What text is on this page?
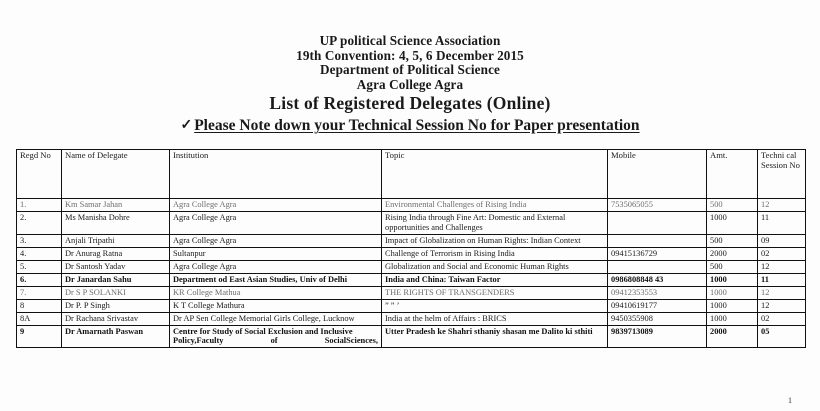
UP political Science Association
19th Convention: 4, 5, 6 December 2015
Department of Political Science
Agra College Agra
List of Registered Delegates (Online)
✓ Please Note down your Technical Session No for Paper presentation
Regd No	Name of Delegate	Institution	Topic	Mobile	Amt.	Techni cal Session No
1.	Km Samar Jahan	Agra College Agra	Environmental Challenges of Rising India	7535065055	500	12
2.	Ms Manisha Dohre	Agra College Agra	Rising India through Fine Art: Domestic and External opportunities and Challenges		1000	11
3.	Anjali Tripathi	Agra College Agra	Impact of Globalization on Human Rights: Indian Context		500	09
4.	Dr Anurag Ratna	Sultanpur	Challenge of Terrorism in Rising India	09415136729	2000	02
5.	Dr Santosh Yadav	Agra College Agra	Globalization and Social and Economic Human Rights		500	12
6.	Dr Janardan Sahu	Department od East Asian Studies, Univ of Delhi	India and China: Taiwan Factor	0986808848 43	1000	11
7.	Dr S P SOLANKI	KR College Mathua	THE RIGHTS OF TRANSGENDERS	09412353553	1000	12
8	Dr P. P Singh	K T College Mathura	” ” ’	09410619177	1000	12
8A	Dr Rachana Srivastav	Dr AP Sen College Memorial Girls College, Lucknow	India at the helm of Affairs : BRICS	9450355908	1000	02
9	Dr Amarnath Paswan	Centre for Study of Social Exclusion and Inclusive Policy,Faculty of SocialSciences,	Utter Pradesh ke Shahri sthaniy shasan me Dalito ki sthiti	9839713089	2000	05
1
